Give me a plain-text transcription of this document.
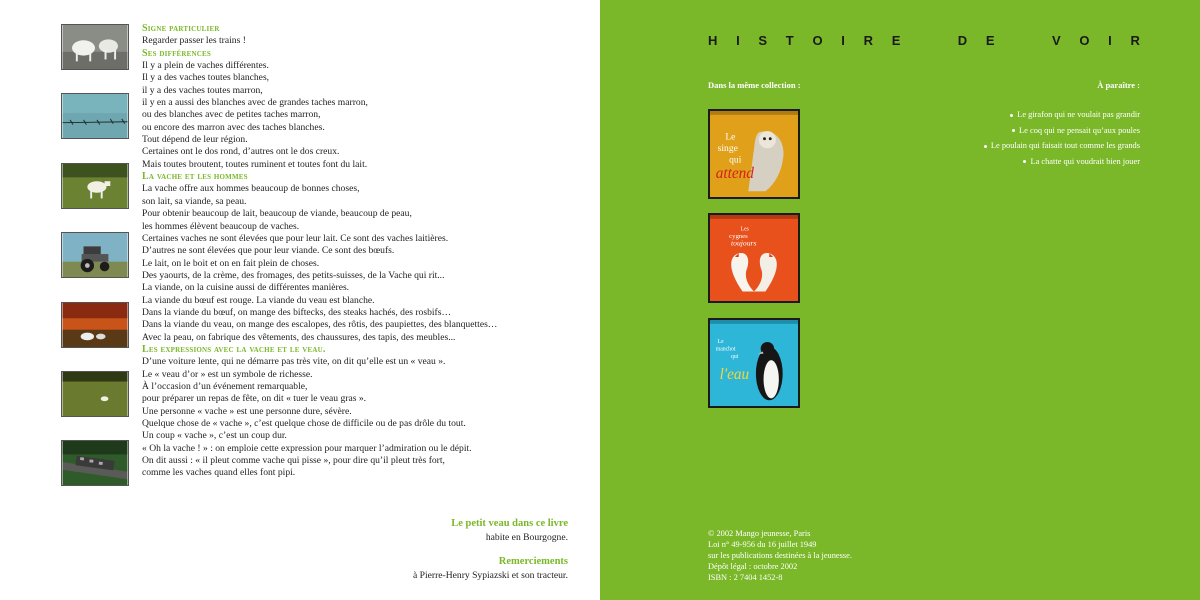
Signe particulier
Regarder passer les trains !
Ses différences
Il y a plein de vaches différentes.
Il y a des vaches toutes blanches,
il y a des vaches toutes marron,
il y en a aussi des blanches avec de grandes taches marron,
ou des blanches avec de petites taches marron,
ou encore des marron avec des taches blanches.
Tout dépend de leur région.
Certaines ont le dos rond, d’autres ont le dos creux.
Mais toutes broutent, toutes ruminent et toutes font du lait.
La vache et les hommes
La vache offre aux hommes beaucoup de bonnes choses,
son lait, sa viande, sa peau.
Pour obtenir beaucoup de lait, beaucoup de viande, beaucoup de peau,
les hommes élèvent beaucoup de vaches.
Certaines vaches ne sont élevées que pour leur lait. Ce sont des vaches laitières.
D’autres ne sont élevées que pour leur viande. Ce sont des bœufs.
Le lait, on le boit et on en fait plein de choses.
Des yaourts, de la crème, des fromages, des petits-suisses, de la Vache qui rit...
La viande, on la cuisine aussi de différentes manières.
La viande du bœuf est rouge. La viande du veau est blanche.
Dans la viande du bœuf, on mange des biftecks, des steaks hachés, des rosbifs…
Dans la viande du veau, on mange des escalopes, des rôtis, des paupiettes, des blanquettes…
Avec la peau, on fabrique des vêtements, des chaussures, des tapis, des meubles...
Les expressions avec la vache et le veau.
D’une voiture lente, qui ne démarre pas très vite, on dit qu’elle est un « veau ».
Le « veau d’or » est un symbole de richesse.
À l’occasion d’un événement remarquable,
pour préparer un repas de fête, on dit « tuer le veau gras ».
Une personne « vache » est une personne dure, sévère.
Quelque chose de « vache », c’est quelque chose de difficile ou de pas drôle du tout.
Un coup « vache », c’est un coup dur.
« Oh la vache ! » : on emploie cette expression pour marquer l’admiration ou le dépit.
On dit aussi : « il pleut comme vache qui pisse », pour dire qu’il pleut très fort,
comme les vaches quand elles font pipi.
Le petit veau dans ce livre
habite en Bourgogne.
Remerciements
à Pierre-Henry Sypiazski et son tracteur.
H I S T O I R E	D E	V O I R
Dans la même collection :	À paraître :
Le
singe
qui
attend
Les
cygnes
toujours
Le
manchot
qui
l'eau
Le girafon qui ne voulait pas grandir
Le coq qui ne pensait qu’aux poules
Le poulain qui faisait tout comme les grands
La chatte qui voudrait bien jouer
© 2002 Mango jeunesse, Paris
Loi n° 49-956 du 16 juillet 1949
sur les publications destinées à la jeunesse.
Dépôt légal : octobre 2002
ISBN : 2 7404 1452-8
